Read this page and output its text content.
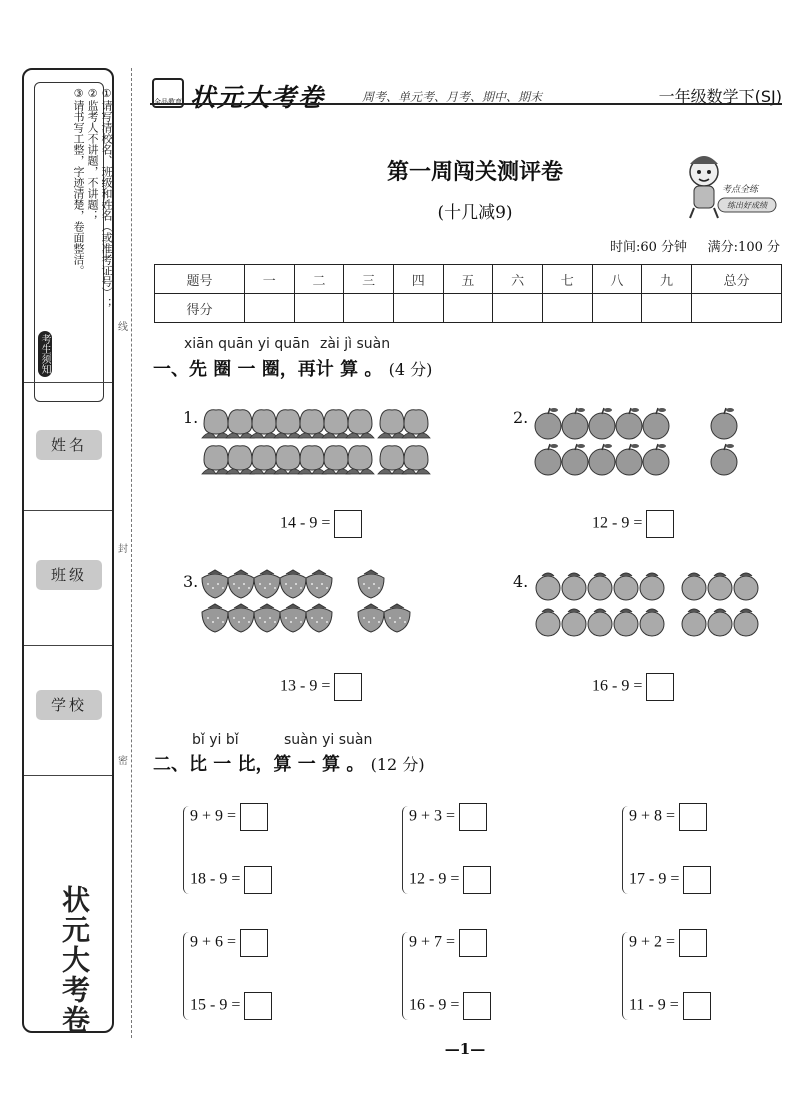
考生须知
①请写清校名、班级和姓名（或准考证号）；
②监考人不讲题，不讲题；
③请书写工整，字迹清楚，卷面整洁。
姓名
班级
学校
状元大考卷
线
封
密
全品教育 状元大考卷	周考、单元考、月考、期中、期末	一年级数学下(SJ)
第一周闯关测评卷
(十几减9)
考点全练
练出好成绩
时间:60 分钟 满分:100 分
题号	一	二	三	四	五	六	七	八	九	总分
得分										
xiān quān yi quān zài jì suàn
一、先 圈 一 圈，再计 算 。 (4 分)
1.
14 - 9 =
2.
12 - 9 =
3.
13 - 9 =
4.
16 - 9 =
bǐ yi bǐ	suàn yi suàn
二、比 一 比，算 一 算 。 (12 分)
9 + 9 =
18 - 9 =
9 + 3 =
12 - 9 =
9 + 8 =
17 - 9 =
9 + 6 =
15 - 9 =
9 + 7 =
16 - 9 =
9 + 2 =
11 - 9 =
—1—
